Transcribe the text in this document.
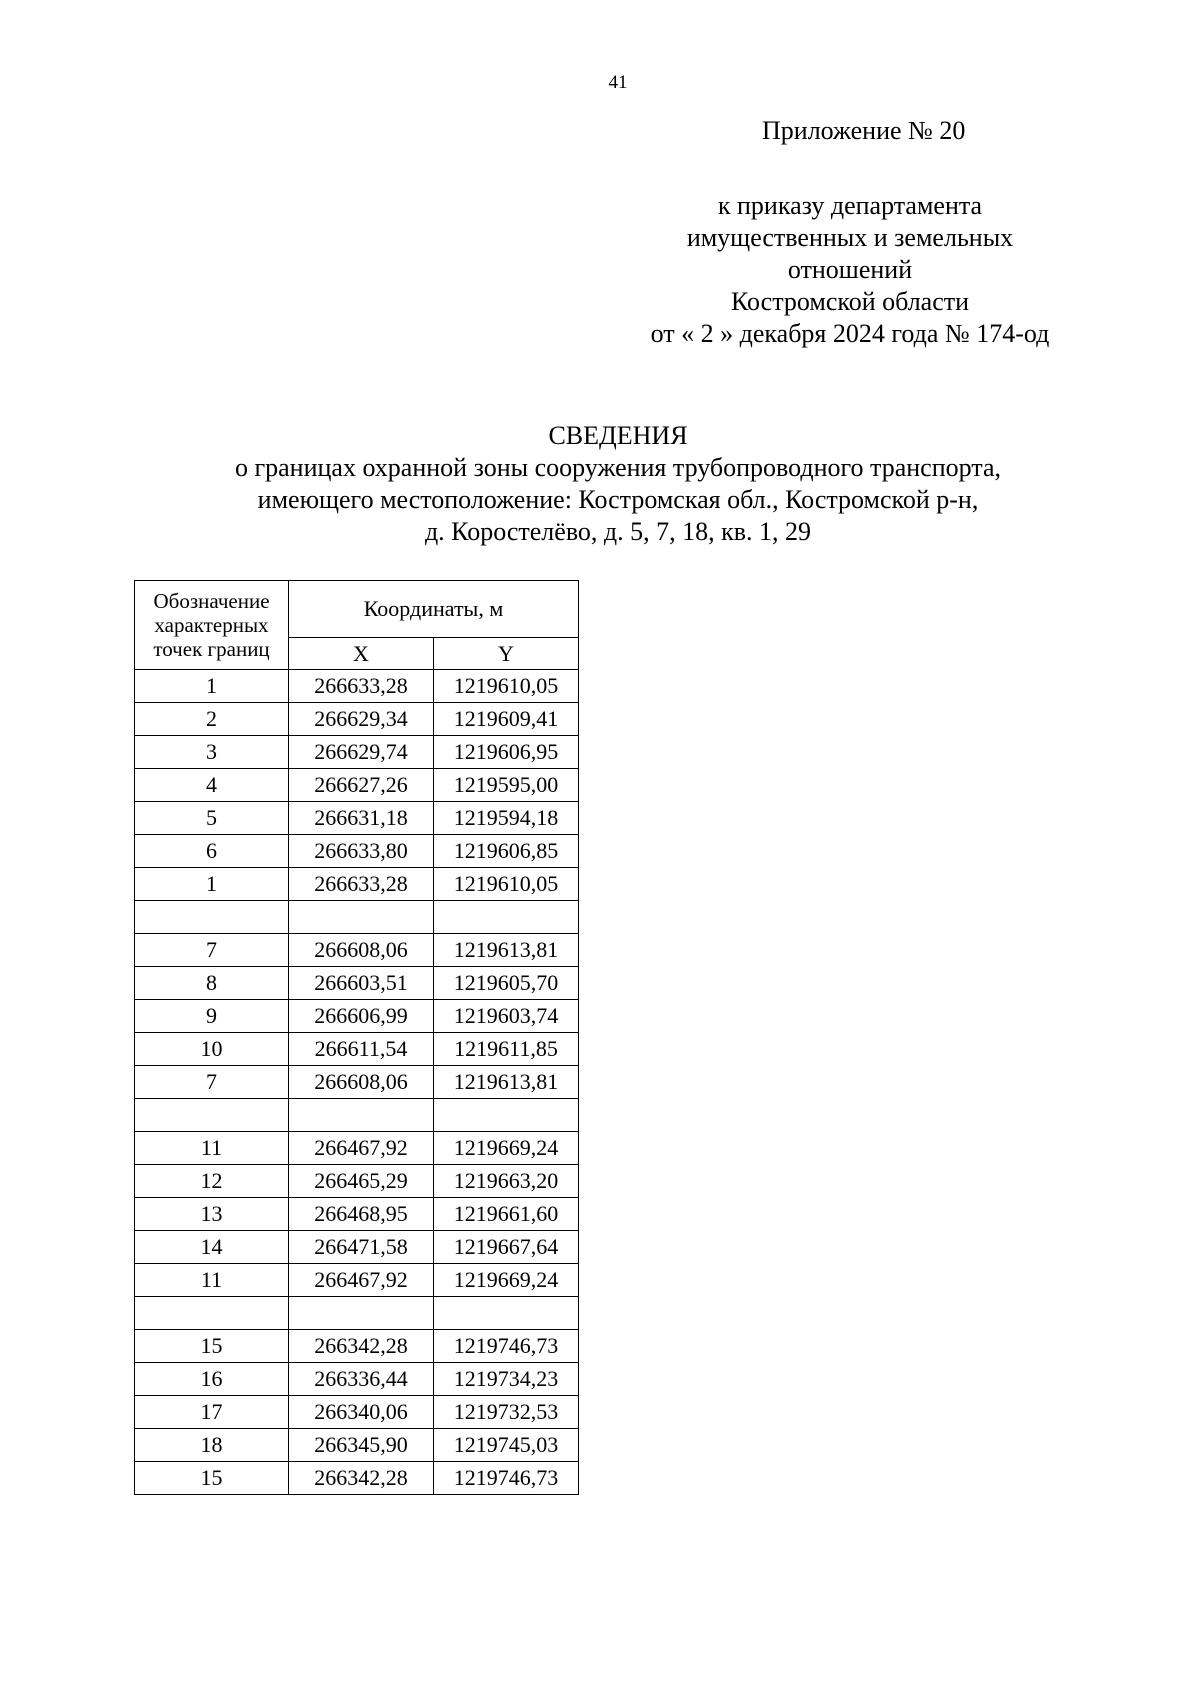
41
Приложение № 20
к приказу департамента
имущественных и земельных
отношений
Костромской области
от « 2 » декабря 2024 года № 174-од
СВЕДЕНИЯ
о границах охранной зоны сооружения трубопроводного транспорта,
имеющего местоположение: Костромская обл., Костромской р-н,
д. Коростелёво, д. 5, 7, 18, кв. 1, 29
Обозначение характерных точек границ	Координаты, м	
	X	Y
1	266633,28	1219610,05
2	266629,34	1219609,41
3	266629,74	1219606,95
4	266627,26	1219595,00
5	266631,18	1219594,18
6	266633,80	1219606,85
1	266633,28	1219610,05

7	266608,06	1219613,81
8	266603,51	1219605,70
9	266606,99	1219603,74
10	266611,54	1219611,85
7	266608,06	1219613,81

11	266467,92	1219669,24
12	266465,29	1219663,20
13	266468,95	1219661,60
14	266471,58	1219667,64
11	266467,92	1219669,24

15	266342,28	1219746,73
16	266336,44	1219734,23
17	266340,06	1219732,53
18	266345,90	1219745,03
15	266342,28	1219746,73
